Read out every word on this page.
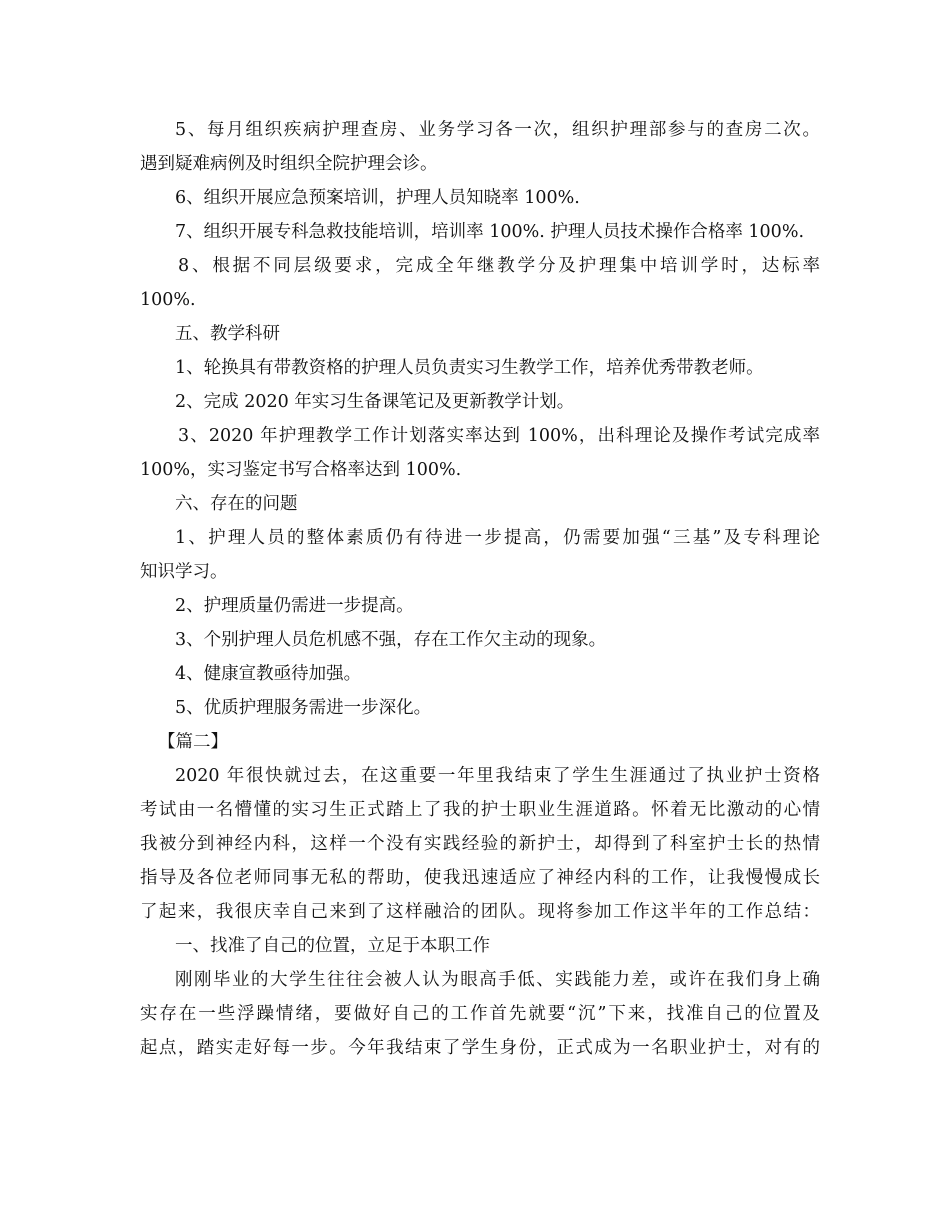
5、每月组织疾病护理查房、业务学习各一次，组织护理部参与的查房二次。
遇到疑难病例及时组织全院护理会诊。
6、组织开展应急预案培训，护理人员知晓率 100%.
7、组织开展专科急救技能培训，培训率 100%. 护理人员技术操作合格率 100%.
8、根据不同层级要求，完成全年继教学分及护理集中培训学时，达标率
100%.
五、教学科研
1、轮换具有带教资格的护理人员负责实习生教学工作，培养优秀带教老师。
2、完成 2020 年实习生备课笔记及更新教学计划。
3、2020 年护理教学工作计划落实率达到 100%，出科理论及操作考试完成率
100%，实习鉴定书写合格率达到 100%.
六、存在的问题
1、护理人员的整体素质仍有待进一步提高，仍需要加强“三基”及专科理论
知识学习。
2、护理质量仍需进一步提高。
3、个别护理人员危机感不强，存在工作欠主动的现象。
4、健康宣教亟待加强。
5、优质护理服务需进一步深化。
【篇二】
2020 年很快就过去，在这重要一年里我结束了学生生涯通过了执业护士资格
考试由一名懵懂的实习生正式踏上了我的护士职业生涯道路。怀着无比激动的心情
我被分到神经内科，这样一个没有实践经验的新护士，却得到了科室护士长的热情
指导及各位老师同事无私的帮助，使我迅速适应了神经内科的工作，让我慢慢成长
了起来，我很庆幸自己来到了这样融洽的团队。现将参加工作这半年的工作总结：
一、找准了自己的位置，立足于本职工作
刚刚毕业的大学生往往会被人认为眼高手低、实践能力差，或许在我们身上确
实存在一些浮躁情绪，要做好自己的工作首先就要“沉”下来，找准自己的位置及
起点，踏实走好每一步。今年我结束了学生身份，正式成为一名职业护士，对有的
